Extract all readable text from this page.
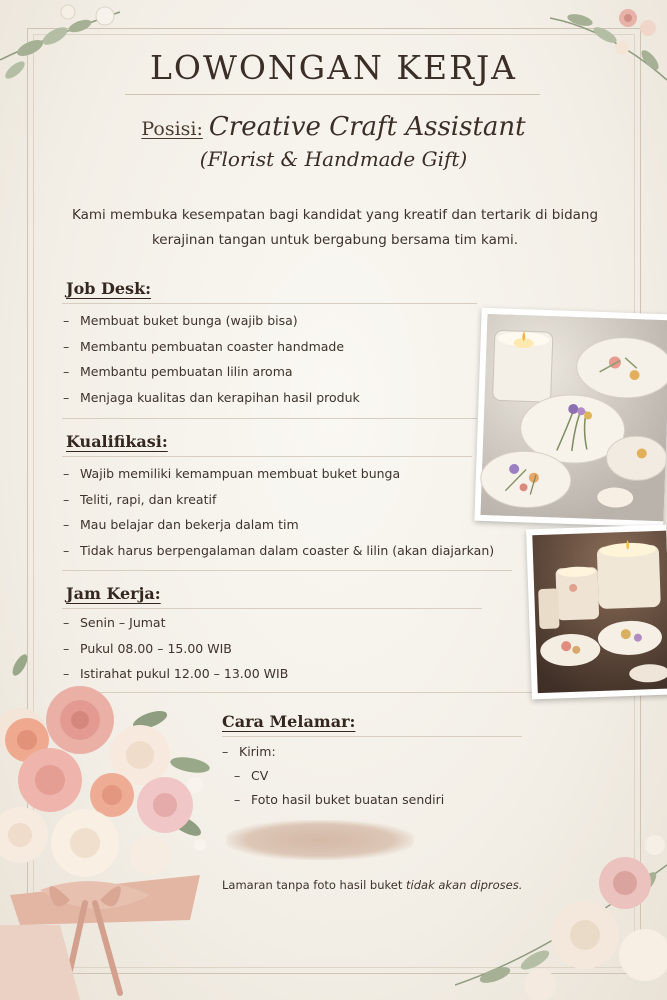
LOWONGAN KERJA
Posisi: Creative Craft Assistant
(Florist & Handmade Gift)
Kami membuka kesempatan bagi kandidat yang kreatif dan tertarik di bidang
kerajinan tangan untuk bergabung bersama tim kami.
Job Desk:
– Membuat buket bunga (wajib bisa)
– Membantu pembuatan coaster handmade
– Membantu pembuatan lilin aroma
– Menjaga kualitas dan kerapihan hasil produk
Kualifikasi:
– Wajib memiliki kemampuan membuat buket bunga
– Teliti, rapi, dan kreatif
– Mau belajar dan bekerja dalam tim
– Tidak harus berpengalaman dalam coaster & lilin (akan diajarkan)
Jam Kerja:
– Senin – Jumat
– Pukul 08.00 – 15.00 WIB
– Istirahat pukul 12.00 – 13.00 WIB
Cara Melamar:
– Kirim:
– CV
– Foto hasil buket buatan sendiri
Lamaran tanpa foto hasil buket tidak akan diproses.
